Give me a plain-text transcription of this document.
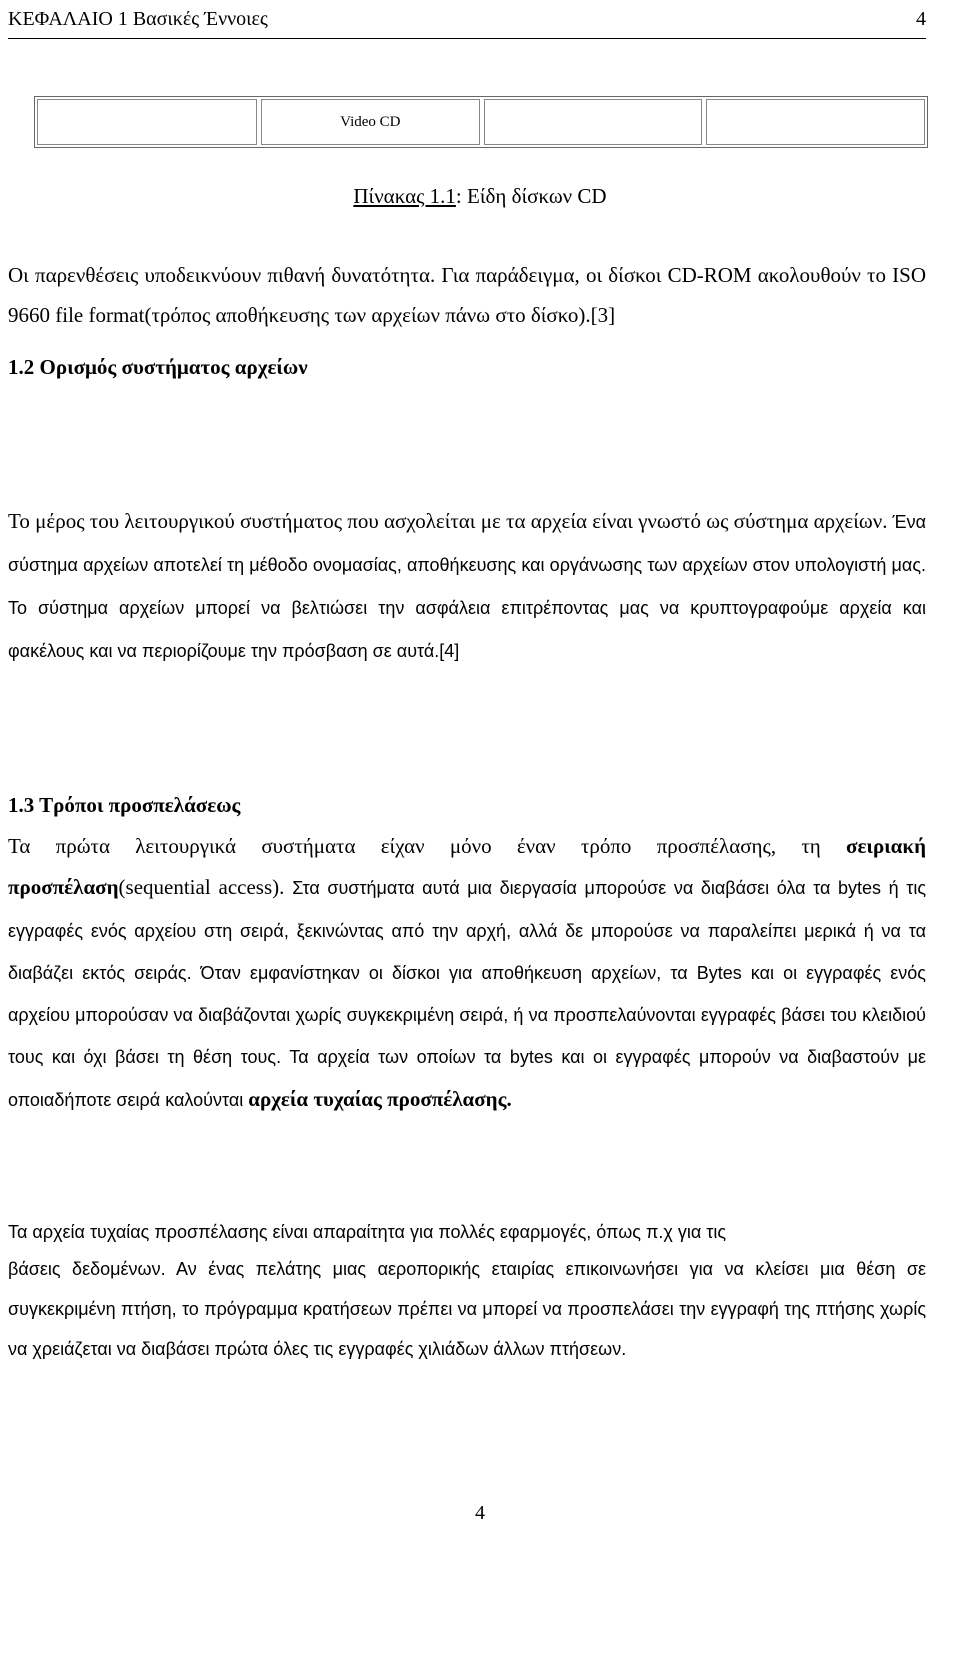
ΚΕΦΑΛΑΙΟ 1 Βασικές Έννοιες	4
Video CD
Πίνακας 1.1: Είδη δίσκων CD
Οι παρενθέσεις υποδεικνύουν πιθανή δυνατότητα. Για παράδειγμα, οι δίσκοι CD-ROM ακολουθούν το ISO 9660 file format(τρόπος αποθήκευσης των αρχείων πάνω στο δίσκο).[3]
1.2 Ορισμός συστήματος αρχείων
Το μέρος του λειτουργικού συστήματος που ασχολείται με τα αρχεία είναι γνωστό ως σύστημα αρχείων. Ένα σύστημα αρχείων αποτελεί τη μέθοδο ονομασίας, αποθήκευσης και οργάνωσης των αρχείων στον υπολογιστή μας. Το σύστημα αρχείων μπορεί να βελτιώσει την ασφάλεια επιτρέποντας μας να κρυπτογραφούμε αρχεία και φακέλους και να περιορίζουμε την πρόσβαση σε αυτά.[4]
1.3 Τρόποι προσπελάσεως
Τα πρώτα λειτουργικά συστήματα είχαν μόνο έναν τρόπο προσπέλασης, τη σειριακή προσπέλαση(sequential access). Στα συστήματα αυτά μια διεργασία μπορούσε να διαβάσει όλα τα bytes ή τις εγγραφές ενός αρχείου στη σειρά, ξεκινώντας από την αρχή, αλλά δε μπορούσε να παραλείπει μερικά ή να τα διαβάζει εκτός σειράς. Όταν εμφανίστηκαν οι δίσκοι για αποθήκευση αρχείων, τα Bytes και οι εγγραφές ενός αρχείου μπορούσαν να διαβάζονται χωρίς συγκεκριμένη σειρά, ή να προσπελαύνονται εγγραφές βάσει του κλειδιού τους και όχι βάσει τη θέση τους. Τα αρχεία των οποίων τα bytes και οι εγγραφές μπορούν να διαβαστούν με οποιαδήποτε σειρά καλούνται αρχεία τυχαίας προσπέλασης.
Τα αρχεία τυχαίας προσπέλασης είναι απαραίτητα για πολλές εφαρμογές, όπως π.χ για τις
βάσεις δεδομένων. Αν ένας πελάτης μιας αεροπορικής εταιρίας επικοινωνήσει για να κλείσει μια θέση σε συγκεκριμένη πτήση, το πρόγραμμα κρατήσεων πρέπει να μπορεί να προσπελάσει την εγγραφή της πτήσης χωρίς να χρειάζεται να διαβάσει πρώτα όλες τις εγγραφές χιλιάδων άλλων πτήσεων.
4
